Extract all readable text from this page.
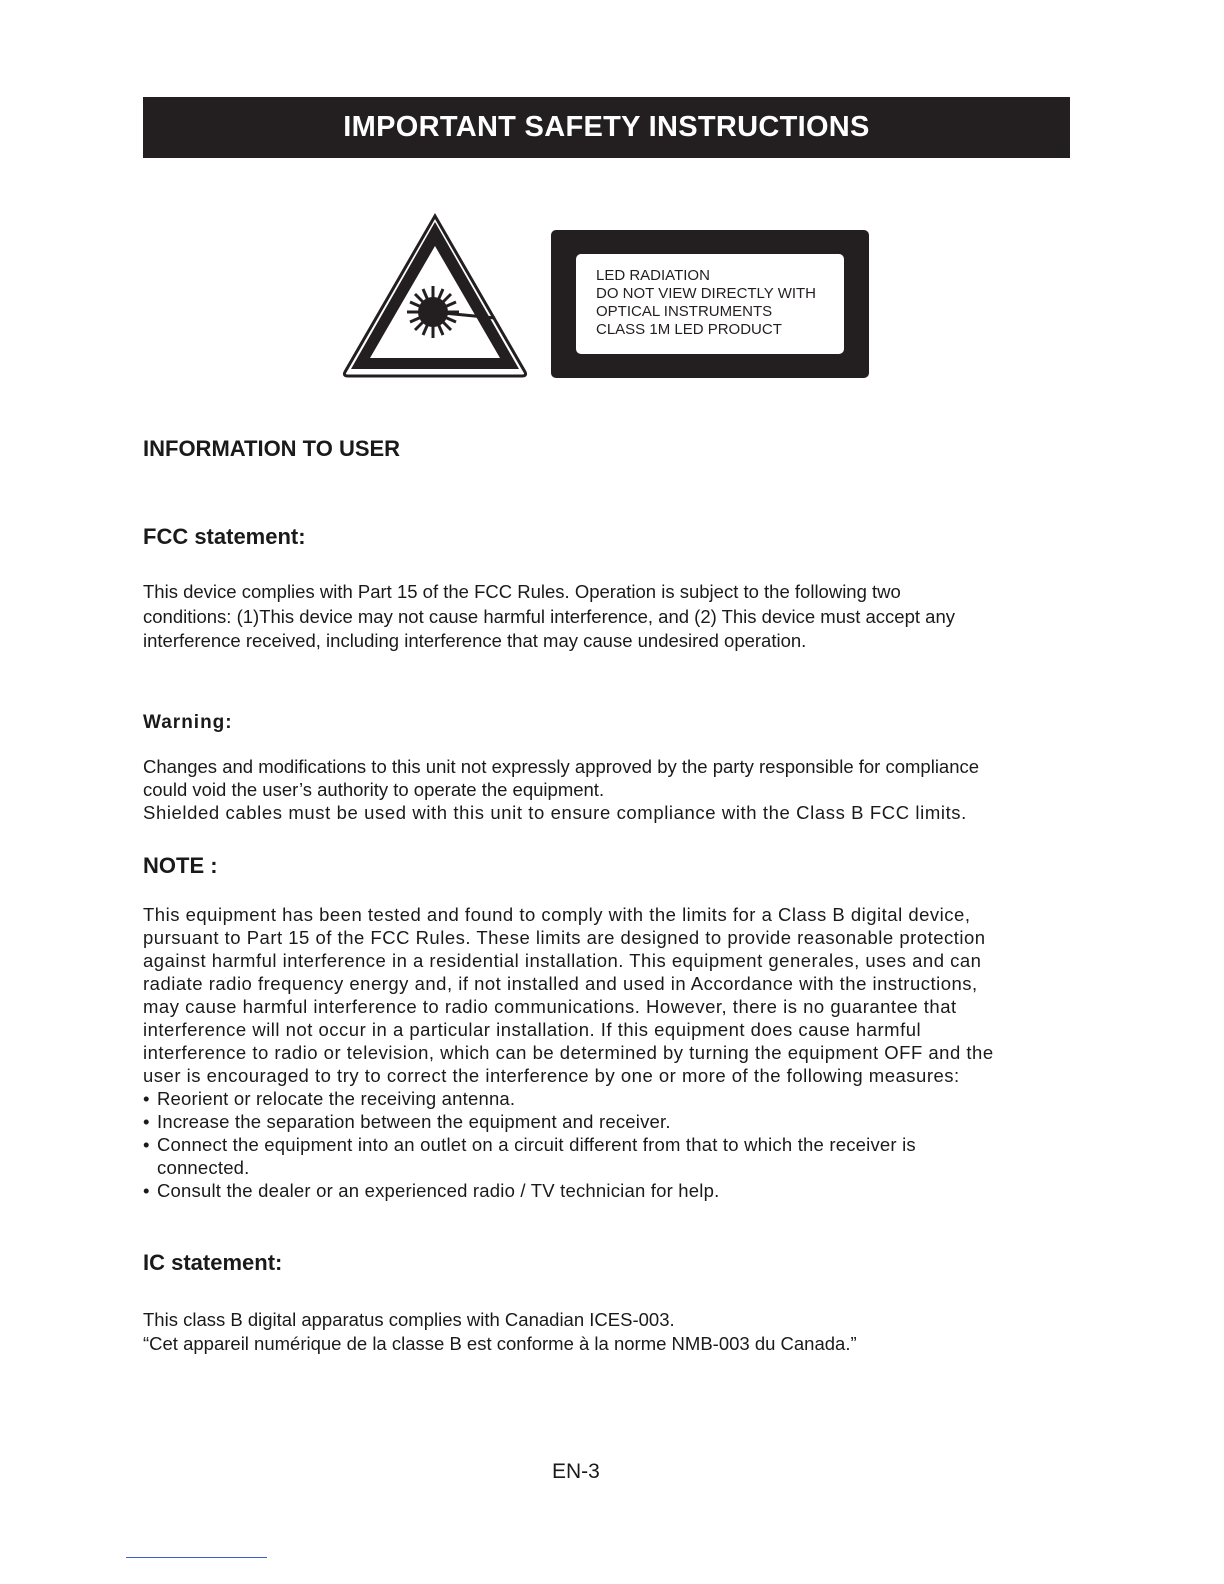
IMPORTANT SAFETY INSTRUCTIONS
LED RADIATION
DO NOT VIEW DIRECTLY WITH
OPTICAL INSTRUMENTS
CLASS 1M LED PRODUCT
INFORMATION TO USER
FCC statement:
This device complies with Part 15 of the FCC Rules. Operation is subject to the following two
conditions: (1)This device may not cause harmful interference, and (2) This device must accept any
interference received, including interference that may cause undesired operation.
Warning:
Changes and modifications to this unit not expressly approved by the party responsible for compliance
could void the user’s authority to operate the equipment.
Shielded cables must be used with this unit to ensure compliance with the Class B FCC limits.
NOTE :
This equipment has been tested and found to comply with the limits for a Class B digital device,
pursuant to Part 15 of the FCC Rules. These limits are designed to provide reasonable protection
against harmful interference in a residential installation. This equipment generales, uses and can
radiate radio frequency energy and, if not installed and used in Accordance with the instructions,
may cause harmful interference to radio communications. However, there is no guarantee that
interference will not occur in a particular installation. If this equipment does cause harmful
interference to radio or television, which can be determined by turning the equipment OFF and the
user is encouraged to try to correct the interference by one or more of the following measures:
• Reorient or relocate the receiving antenna.
• Increase the separation between the equipment and receiver.
• Connect the equipment into an outlet on a circuit different from that to which the receiver is
connected.
• Consult the dealer or an experienced radio / TV technician for help.
IC statement:
This class B digital apparatus complies with Canadian ICES-003.
“Cet appareil numérique de la classe B est conforme à la norme NMB-003 du Canada.”
EN-3
